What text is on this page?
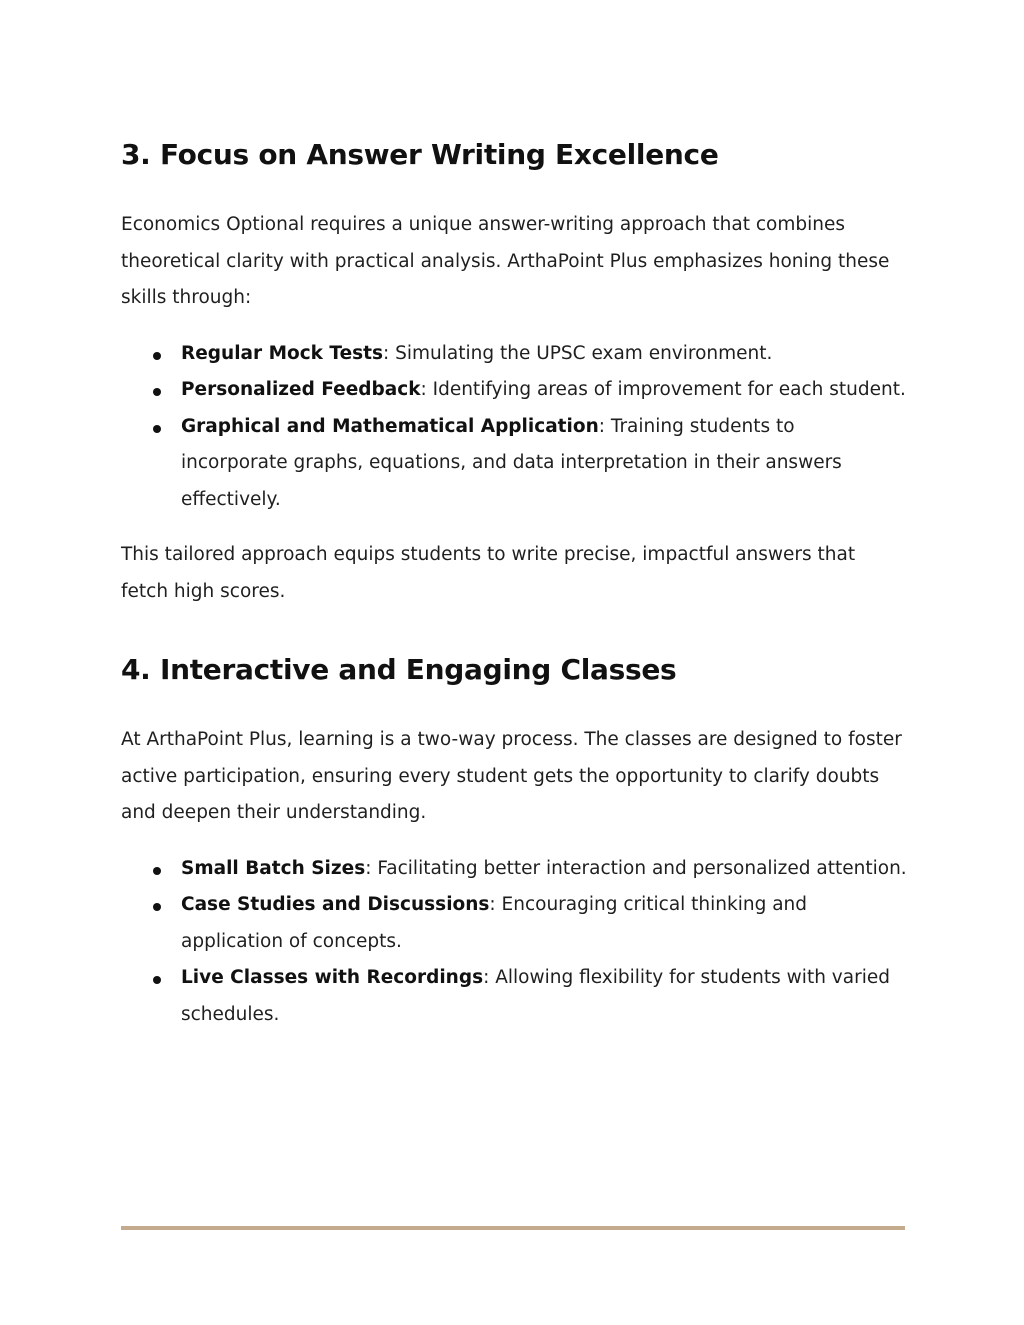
3. Focus on Answer Writing Excellence

Economics Optional requires a unique answer-writing approach that combines theoretical clarity with practical analysis. ArthaPoint Plus emphasizes honing these skills through:

Regular Mock Tests: Simulating the UPSC exam environment.
Personalized Feedback: Identifying areas of improvement for each student.
Graphical and Mathematical Application: Training students to incorporate graphs, equations, and data interpretation in their answers effectively.

This tailored approach equips students to write precise, impactful answers that fetch high scores.

4. Interactive and Engaging Classes

At ArthaPoint Plus, learning is a two-way process. The classes are designed to foster active participation, ensuring every student gets the opportunity to clarify doubts and deepen their understanding.

Small Batch Sizes: Facilitating better interaction and personalized attention.
Case Studies and Discussions: Encouraging critical thinking and application of concepts.
Live Classes with Recordings: Allowing flexibility for students with varied schedules.
